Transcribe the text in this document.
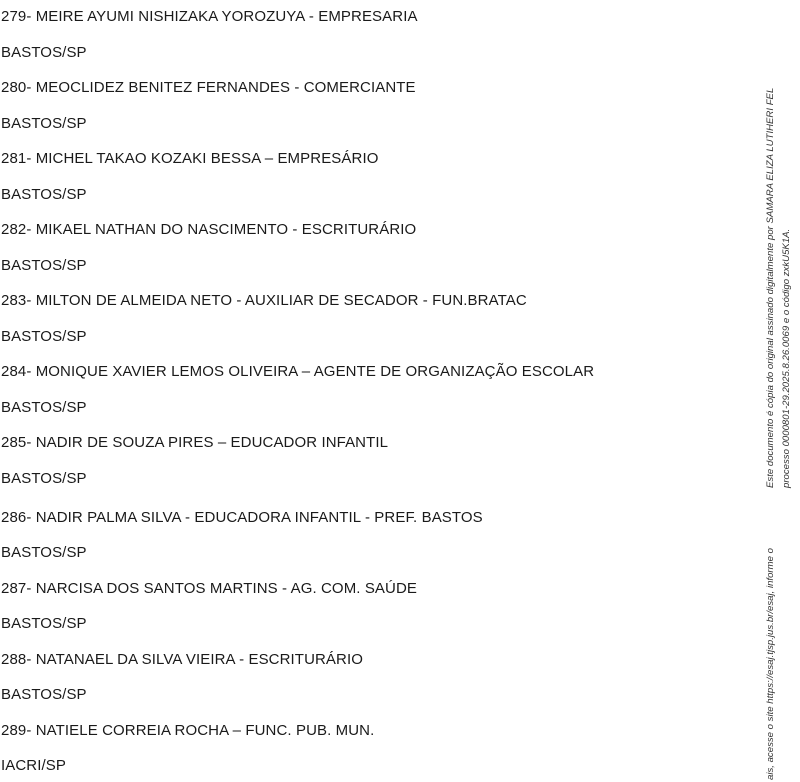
279- MEIRE AYUMI NISHIZAKA YOROZUYA - EMPRESARIA
BASTOS/SP
280- MEOCLIDEZ BENITEZ FERNANDES - COMERCIANTE
BASTOS/SP
281- MICHEL TAKAO KOZAKI BESSA – EMPRESÁRIO
BASTOS/SP
282- MIKAEL NATHAN DO NASCIMENTO - ESCRITURÁRIO
BASTOS/SP
283- MILTON DE ALMEIDA NETO - AUXILIAR DE SECADOR - FUN.BRATAC
BASTOS/SP
284- MONIQUE XAVIER LEMOS OLIVEIRA – AGENTE DE ORGANIZAÇÃO ESCOLAR
BASTOS/SP
285- NADIR DE SOUZA PIRES – EDUCADOR INFANTIL
BASTOS/SP
286- NADIR PALMA SILVA - EDUCADORA INFANTIL - PREF. BASTOS
BASTOS/SP
287- NARCISA DOS SANTOS MARTINS - AG. COM. SAÚDE
BASTOS/SP
288- NATANAEL DA SILVA VIEIRA - ESCRITURÁRIO
BASTOS/SP
289- NATIELE CORREIA ROCHA – FUNC. PUB. MUN.
IACRI/SP
Este documento é cópia do original assinado digitalmente por SAMARA ELIZA LUTIHERI FEL processo 0000801-29.2025.8.26.0069 e o código zxkU5K1A.
ais, acesse o site https://esaj.tjsp.jus.br/esaj, informe o
